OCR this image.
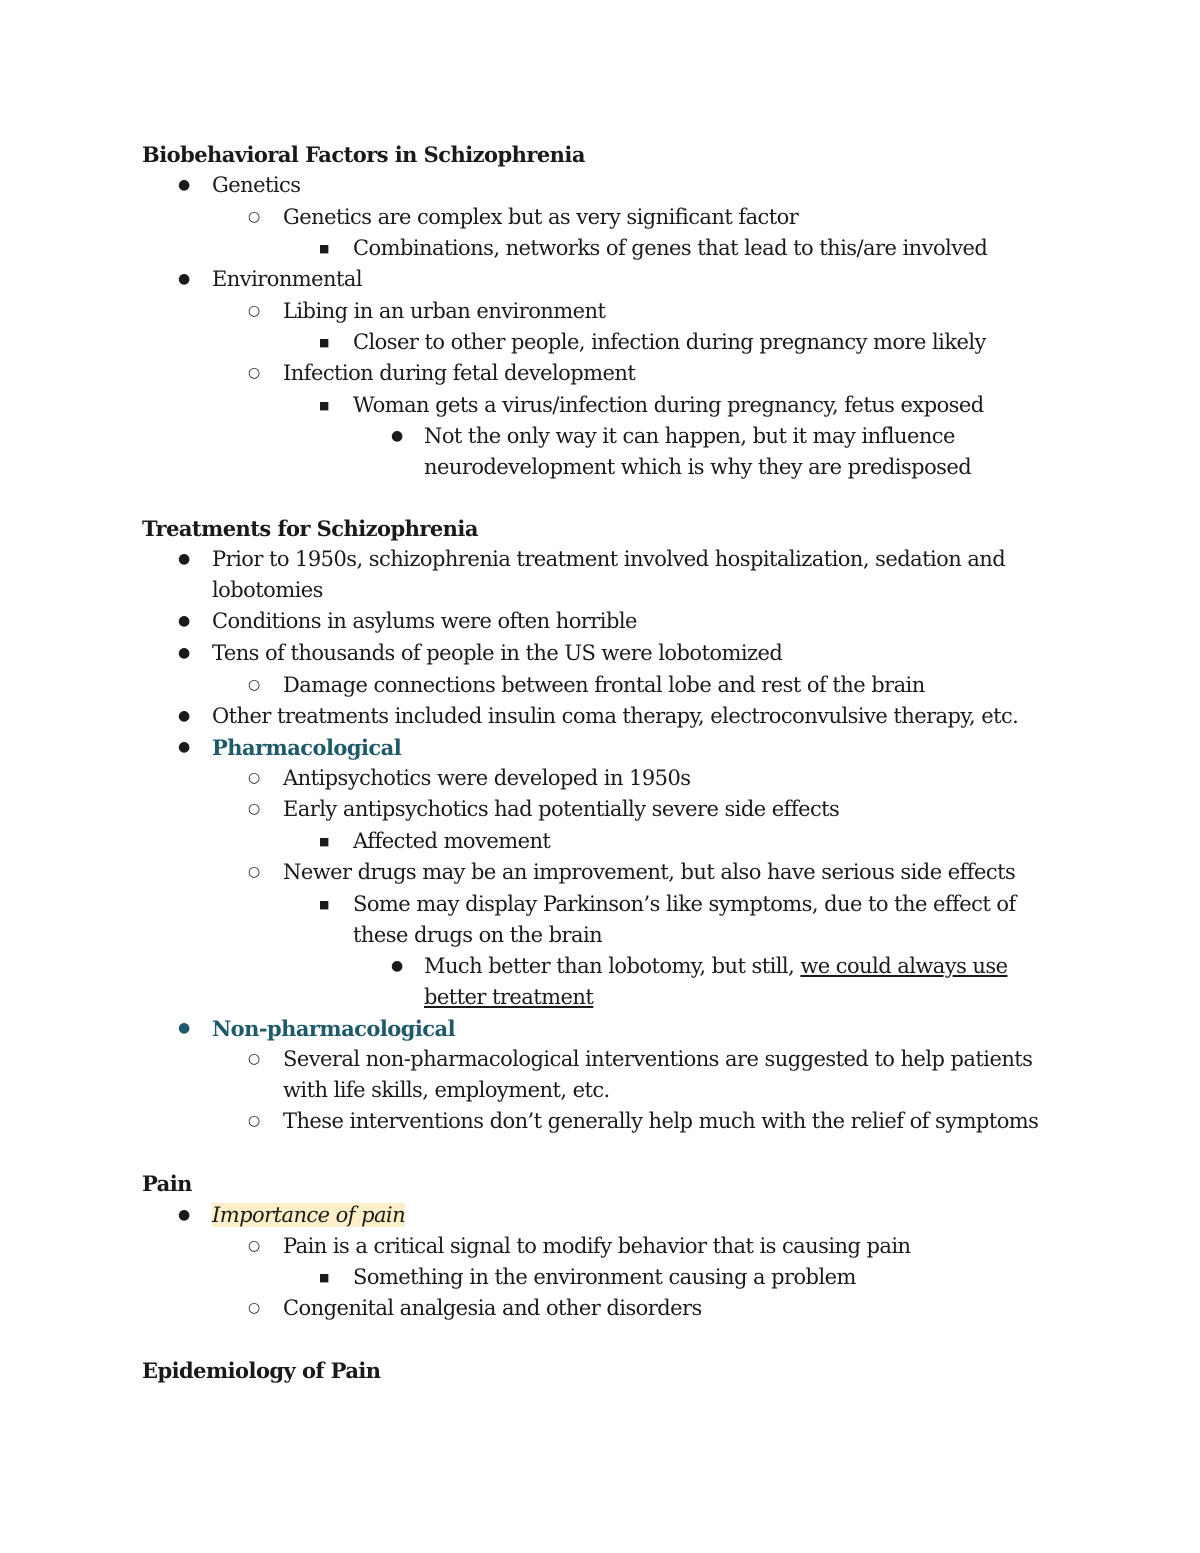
Biobehavioral Factors in Schizophrenia
●
Genetics
○
Genetics are complex but as very significant factor
■
Combinations, networks of genes that lead to this/are involved
●
Environmental
○
Libing in an urban environment
■
Closer to other people, infection during pregnancy more likely
○
Infection during fetal development
■
Woman gets a virus/infection during pregnancy, fetus exposed
●
Not the only way it can happen, but it may influence
neurodevelopment which is why they are predisposed
Treatments for Schizophrenia
●
Prior to 1950s, schizophrenia treatment involved hospitalization, sedation and
lobotomies
●
Conditions in asylums were often horrible
●
Tens of thousands of people in the US were lobotomized
○
Damage connections between frontal lobe and rest of the brain
●
Other treatments included insulin coma therapy, electroconvulsive therapy, etc.
●
Pharmacological
○
Antipsychotics were developed in 1950s
○
Early antipsychotics had potentially severe side effects
■
Affected movement
○
Newer drugs may be an improvement, but also have serious side effects
■
Some may display Parkinson’s like symptoms, due to the effect of
these drugs on the brain
●
Much better than lobotomy, but still, we could always use
better treatment
●
Non-pharmacological
○
Several non-pharmacological interventions are suggested to help patients
with life skills, employment, etc.
○
These interventions don’t generally help much with the relief of symptoms
Pain
●
Importance of pain
○
Pain is a critical signal to modify behavior that is causing pain
■
Something in the environment causing a problem
○
Congenital analgesia and other disorders
Epidemiology of Pain
